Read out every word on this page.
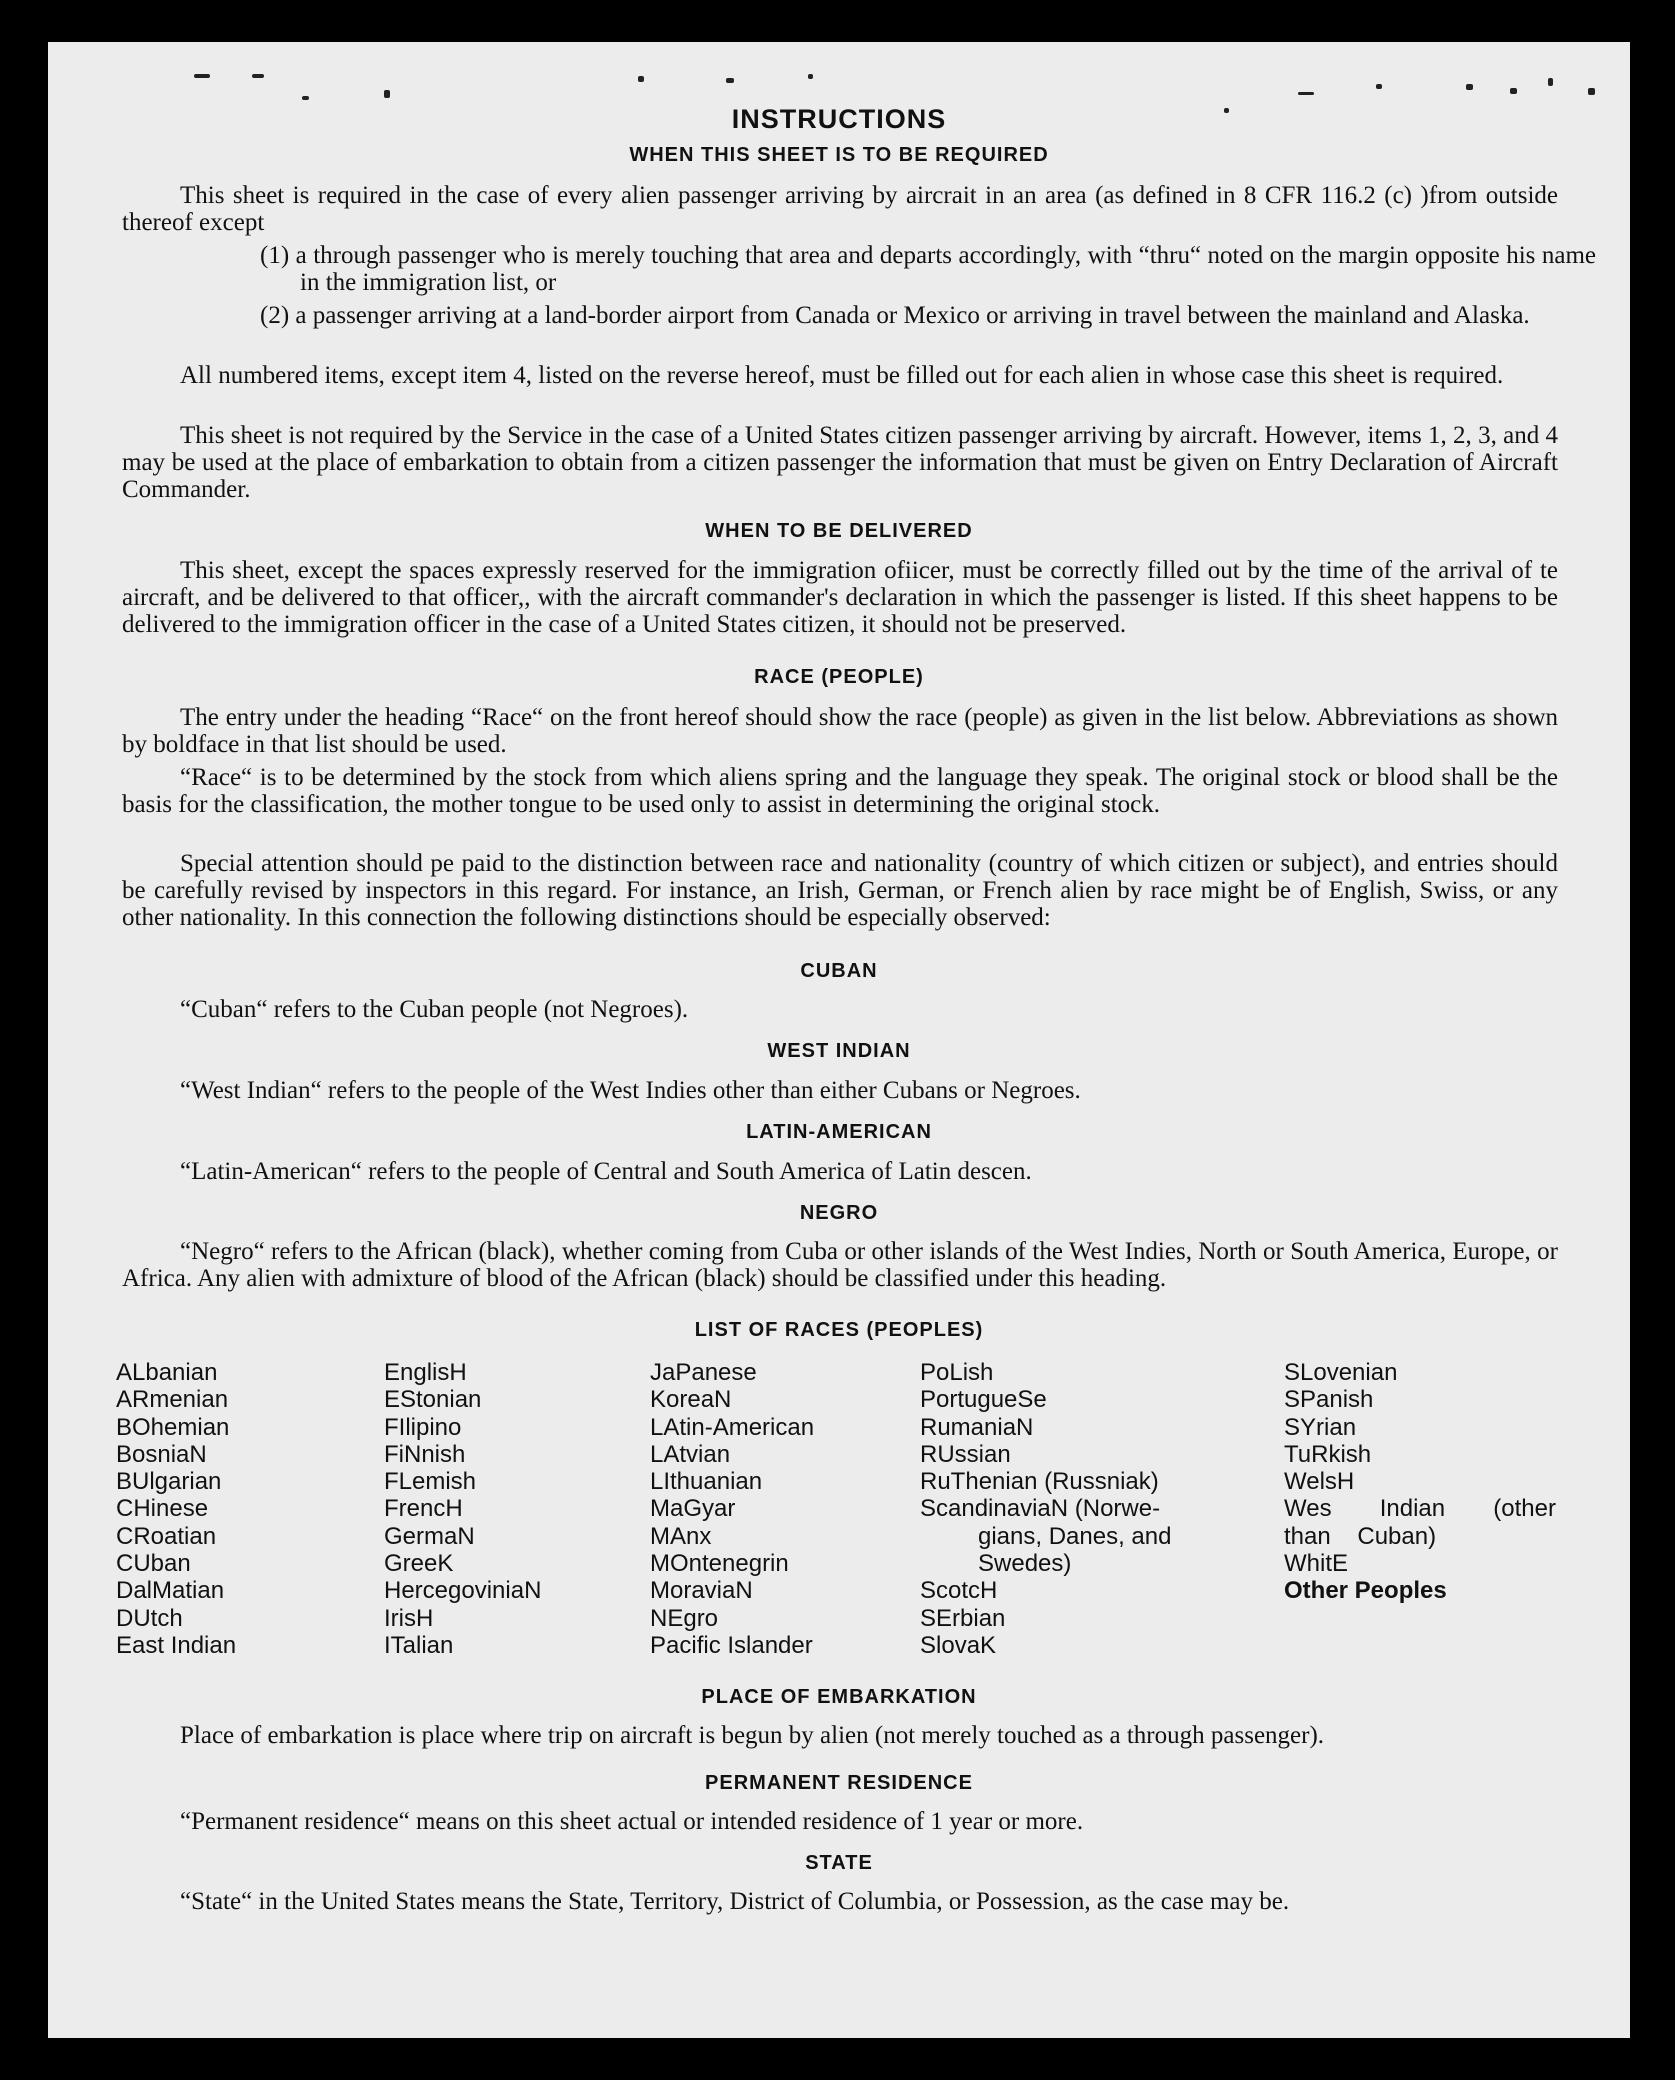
INSTRUCTIONS
WHEN THIS SHEET IS TO BE REQUIRED

This sheet is required in the case of every alien passenger arriving by aircrait in an area (as defined in 8 CFR 116.2 (c) )from outside thereof except

(1) a through passenger who is merely touching that area and departs accordingly, with “thru“ noted on the margin opposite his name in the immigration list, or

(2) a passenger arriving at a land-border airport from Canada or Mexico or arriving in travel between the mainland and Alaska.

All numbered items, except item 4, listed on the reverse hereof, must be filled out for each alien in whose case this sheet is required.

This sheet is not required by the Service in the case of a United States citizen passenger arriving by aircraft. However, items 1, 2, 3, and 4 may be used at the place of embarkation to obtain from a citizen passenger the information that must be given on Entry Declaration of Aircraft Commander.

WHEN TO BE DELIVERED

This sheet, except the spaces expressly reserved for the immigration ofiicer, must be correctly filled out by the time of the arrival of te aircraft, and be delivered to that officer,, with the aircraft commander's declaration in which the passenger is listed. If this sheet happens to be delivered to the immigration officer in the case of a United States citizen, it should not be preserved.

RACE (PEOPLE)

The entry under the heading “Race“ on the front hereof should show the race (people) as given in the list below. Abbreviations as shown by boldface in that list should be used.

“Race“ is to be determined by the stock from which aliens spring and the language they speak. The original stock or blood shall be the basis for the classification, the mother tongue to be used only to assist in determining the original stock.

Special attention should pe paid to the distinction between race and nationality (country of which citizen or subject), and entries should be carefully revised by inspectors in this regard. For instance, an Irish, German, or French alien by race might be of English, Swiss, or any other nationality. In this connection the following distinctions should be especially observed:

CUBAN

“Cuban“ refers to the Cuban people (not Negroes).

WEST INDIAN

“West Indian“ refers to the people of the West Indies other than either Cubans or Negroes.

LATIN-AMERICAN

“Latin-American“ refers to the people of Central and South America of Latin descen.

NEGRO

“Negro“ refers to the African (black), whether coming from Cuba or other islands of the West Indies, North or South America, Europe, or Africa. Any alien with admixture of blood of the African (black) should be classified under this heading.

LIST OF RACES (PEOPLES)
ALbanian
ARmenian
BOhemian
BosniaN
BUlgarian
CHinese
CRoatian
CUban
DalMatian
DUtch
East Indian
EnglisH
EStonian
FIlipino
FiNnish
FLemish
FrencH
GermaN
GreeK
HercegoviniaN
IrisH
ITalian
JaPanese
KoreaN
LAtin-American
LAtvian
LIthuanian
MaGyar
MAnx
MOntenegrin
MoraviaN
NEgro
Pacific Islander
PoLish
PortugueSe
RumaniaN
RUssian
RuThenian (Russniak)
ScandinaviaN (Norwe-
gians, Danes, and
Swedes)
ScotcH
SErbian
SlovaK
SLovenian
SPanish
SYrian
TuRkish
WelsH
Wes Indian (other than Cuban)
WhitE
Other Peoples
PLACE OF EMBARKATION

Place of embarkation is place where trip on aircraft is begun by alien (not merely touched as a through passenger).

PERMANENT RESIDENCE

“Permanent residence“ means on this sheet actual or intended residence of 1 year or more.

STATE

“State“ in the United States means the State, Territory, District of Columbia, or Possession, as the case may be.
